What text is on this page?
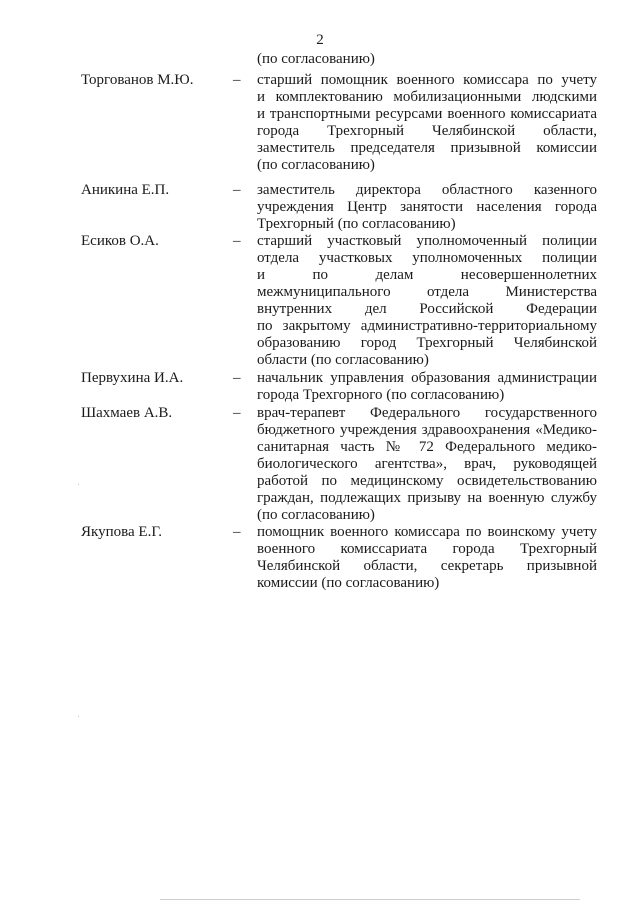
2
(по согласованию)
Торгованов М.Ю.	– старший помощник военного комиссара по учету
и комплектованию мобилизационными людскими
и транспортными ресурсами военного комиссариата
города Трехгорный Челябинской области,
заместитель председателя призывной комиссии
(по согласованию)
Аникина Е.П.	– заместитель директора областного казенного
учреждения Центр занятости населения города
Трехгорный (по согласованию)
Есиков О.А.	– старший участковый уполномоченный полиции
отдела участковых уполномоченных полиции
и по делам несовершеннолетних
межмуниципального отдела Министерства
внутренних дел Российской Федерации
по закрытому административно-территориальному
образованию город Трехгорный Челябинской
области (по согласованию)
Первухина И.А.	– начальник управления образования администрации
города Трехгорного (по согласованию)
Шахмаев А.В.	– врач-терапевт Федерального государственного
бюджетного учреждения здравоохранения «Медико-
санитарная часть № 72 Федерального медико-
биологического агентства», врач, руководящей
работой по медицинскому освидетельствованию
граждан, подлежащих призыву на военную службу
(по согласованию)
Якупова Е.Г.	– помощник военного комиссара по воинскому учету
военного комиссариата города Трехгорный
Челябинской области, секретарь призывной
комиссии (по согласованию)
